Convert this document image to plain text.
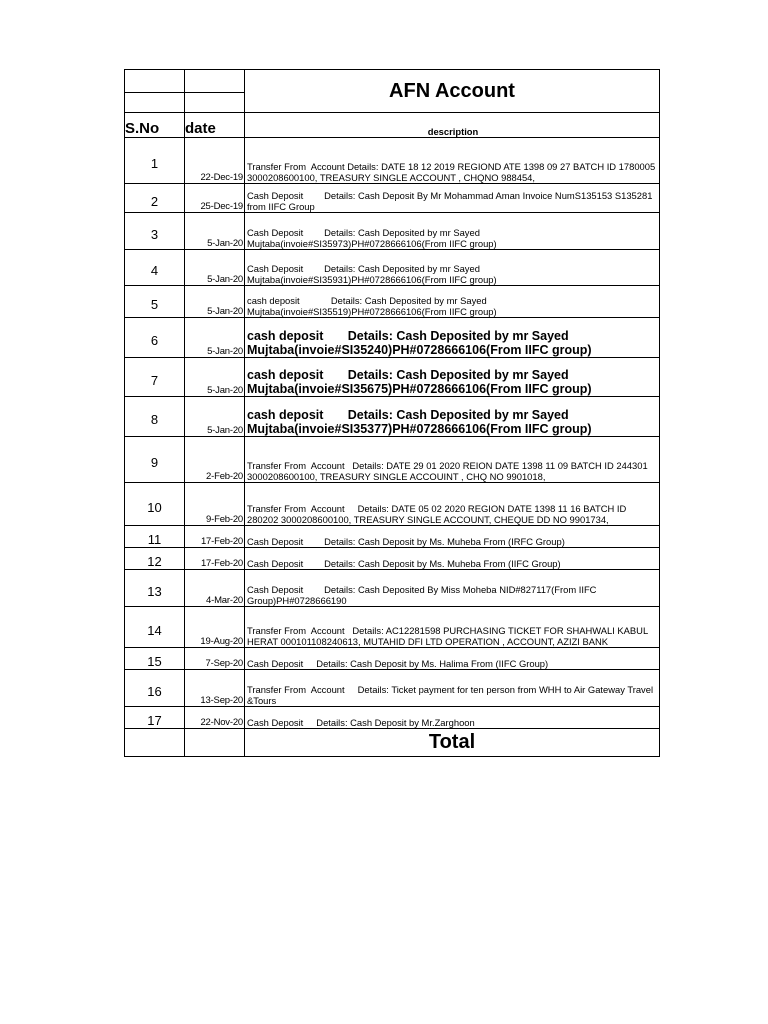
		AFN Account

S.No	date	description
1	22-Dec-19	Transfer From  Account Details: DATE 18 12 2019 REGIOND ATE 1398 09 27 BATCH ID 1780005 3000208600100, TREASURY SINGLE ACCOUNT , CHQNO 988454,
2	25-Dec-19	Cash Deposit        Details: Cash Deposit By Mr Mohammad Aman Invoice NumS135153 S135281 from IIFC Group
3	5-Jan-20	Cash Deposit        Details: Cash Deposited by mr Sayed Mujtaba(invoie#SI35973)PH#0728666106(From IIFC group)
4	5-Jan-20	Cash Deposit        Details: Cash Deposited by mr Sayed Mujtaba(invoie#SI35931)PH#0728666106(From IIFC group)
5	5-Jan-20	cash deposit            Details: Cash Deposited by mr Sayed Mujtaba(invoie#SI35519)PH#0728666106(From IIFC group)
6	5-Jan-20	cash deposit       Details: Cash Deposited by mr Sayed Mujtaba(invoie#SI35240)PH#0728666106(From IIFC group)
7	5-Jan-20	cash deposit       Details: Cash Deposited by mr Sayed Mujtaba(invoie#SI35675)PH#0728666106(From IIFC group)
8	5-Jan-20	cash deposit       Details: Cash Deposited by mr Sayed Mujtaba(invoie#SI35377)PH#0728666106(From IIFC group)
9	2-Feb-20	Transfer From  Account   Details: DATE 29 01 2020 REION DATE 1398 11 09 BATCH ID 244301 3000208600100, TREASURY SINGLE ACCOUINT , CHQ NO 9901018,
10	9-Feb-20	Transfer From  Account     Details: DATE 05 02 2020 REGION DATE 1398 11 16 BATCH ID 280202 3000208600100, TREASURY SINGLE ACCOUNT, CHEQUE DD NO 9901734,
11	17-Feb-20	Cash Deposit        Details: Cash Deposit by Ms. Muheba From (IRFC Group)
12	17-Feb-20	Cash Deposit        Details: Cash Deposit by Ms. Muheba From (IIFC Group)
13	4-Mar-20	Cash Deposit        Details: Cash Deposited By Miss Moheba NID#827117(From IIFC Group)PH#0728666190
14	19-Aug-20	Transfer From  Account   Details: AC12281598 PURCHASING TICKET FOR SHAHWALI KABUL HERAT 000101108240613, MUTAHID DFI LTD OPERATION , ACCOUNT, AZIZI BANK
15	7-Sep-20	Cash Deposit     Details: Cash Deposit by Ms. Halima From (IIFC Group)
16	13-Sep-20	Transfer From  Account     Details: Ticket payment for ten person from WHH to Air Gateway Travel &Tours
17	22-Nov-20	Cash Deposit     Details: Cash Deposit by Mr.Zarghoon
		Total
